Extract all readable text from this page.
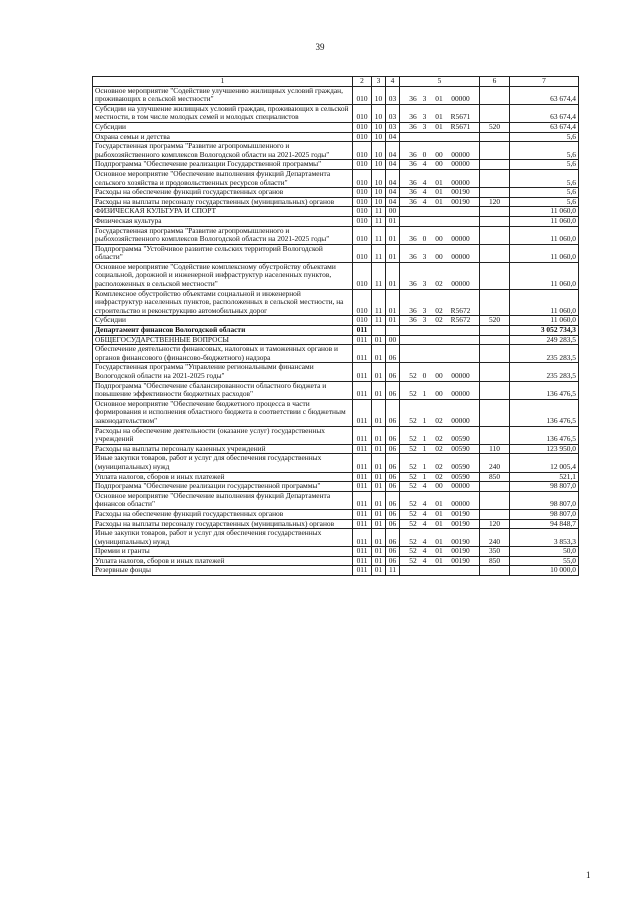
39
1	2	3	4	5	6	7
Основное мероприятие "Содействие улучшению жилищных условий граждан, проживающих в сельской местности"	010	10	03	36 3 01 00000		63 674,4
Субсидии на улучшение жилищных условий граждан, проживающих в сельской местности, в том числе молодых семей и молодых специалистов	010	10	03	36 3 01 R5671		63 674,4
Субсидии	010	10	03	36 3 01 R5671	520	63 674,4
Охрана семьи и детства	010	10	04			5,6
Государственная программа "Развитие агропромышленного и рыбохозяйственного комплексов Вологодской области на 2021-2025 годы"	010	10	04	36 0 00 00000		5,6
Подпрограмма "Обеспечение реализации Государственной программы"	010	10	04	36 4 00 00000		5,6
Основное мероприятие "Обеспечение выполнения функций Департамента сельского хозяйства и продовольственных ресурсов области"	010	10	04	36 4 01 00000		5,6
Расходы на обеспечение функций государственных органов	010	10	04	36 4 01 00190		5,6
Расходы на выплаты персоналу государственных (муниципальных) органов	010	10	04	36 4 01 00190	120	5,6
ФИЗИЧЕСКАЯ КУЛЬТУРА И СПОРТ	010	11	00			11 060,0
Физическая культура	010	11	01			11 060,0
Государственная программа "Развитие агропромышленного и рыбохозяйственного комплексов Вологодской области на 2021-2025 годы"	010	11	01	36 0 00 00000		11 060,0
Подпрограмма "Устойчивое развитие сельских территорий Вологодской области"	010	11	01	36 3 00 00000		11 060,0
Основное мероприятие "Содействие комплексному обустройству объектами социальной, дорожной и инженерной инфраструктур населенных пунктов, расположенных в сельской местности"	010	11	01	36 3 02 00000		11 060,0
Комплексное обустройство объектами социальной и инженерной инфраструктур населенных пунктов, расположенных в сельской местности, на строительство и реконструкцию автомобильных дорог	010	11	01	36 3 02 R5672		11 060,0
Субсидии	010	11	01	36 3 02 R5672	520	11 060,0
Департамент финансов Вологодской области	011					3 052 734,3
ОБЩЕГОСУДАРСТВЕННЫЕ ВОПРОСЫ	011	01	00			249 283,5
Обеспечение деятельности финансовых, налоговых и таможенных органов и органов финансового (финансово-бюджетного) надзора	011	01	06			235 283,5
Государственная программа "Управление региональными финансами Вологодской области на 2021-2025 годы"	011	01	06	52 0 00 00000		235 283,5
Подпрограмма "Обеспечение сбалансированности областного бюджета и повышение эффективности бюджетных расходов"	011	01	06	52 1 00 00000		136 476,5
Основное мероприятие "Обеспечение бюджетного процесса в части формирования и исполнения областного бюджета в соответствии с бюджетным законодательством"	011	01	06	52 1 02 00000		136 476,5
Расходы на обеспечение деятельности (оказание услуг) государственных учреждений	011	01	06	52 1 02 00590		136 476,5
Расходы на выплаты персоналу казенных учреждений	011	01	06	52 1 02 00590	110	123 950,0
Иные закупки товаров, работ и услуг для обеспечения государственных (муниципальных) нужд	011	01	06	52 1 02 00590	240	12 005,4
Уплата налогов, сборов и иных платежей	011	01	06	52 1 02 00590	850	521,1
Подпрограмма "Обеспечение реализации государственной программы"	011	01	06	52 4 00 00000		98 807,0
Основное мероприятие "Обеспечение выполнения функций Департамента финансов области"	011	01	06	52 4 01 00000		98 807,0
Расходы на обеспечение функций государственных органов	011	01	06	52 4 01 00190		98 807,0
Расходы на выплаты персоналу государственных (муниципальных) органов	011	01	06	52 4 01 00190	120	94 848,7
Иные закупки товаров, работ и услуг для обеспечения государственных (муниципальных) нужд	011	01	06	52 4 01 00190	240	3 853,3
Премии и гранты	011	01	06	52 4 01 00190	350	50,0
Уплата налогов, сборов и иных платежей	011	01	06	52 4 01 00190	850	55,0
Резервные фонды	011	01	11			10 000,0
1
